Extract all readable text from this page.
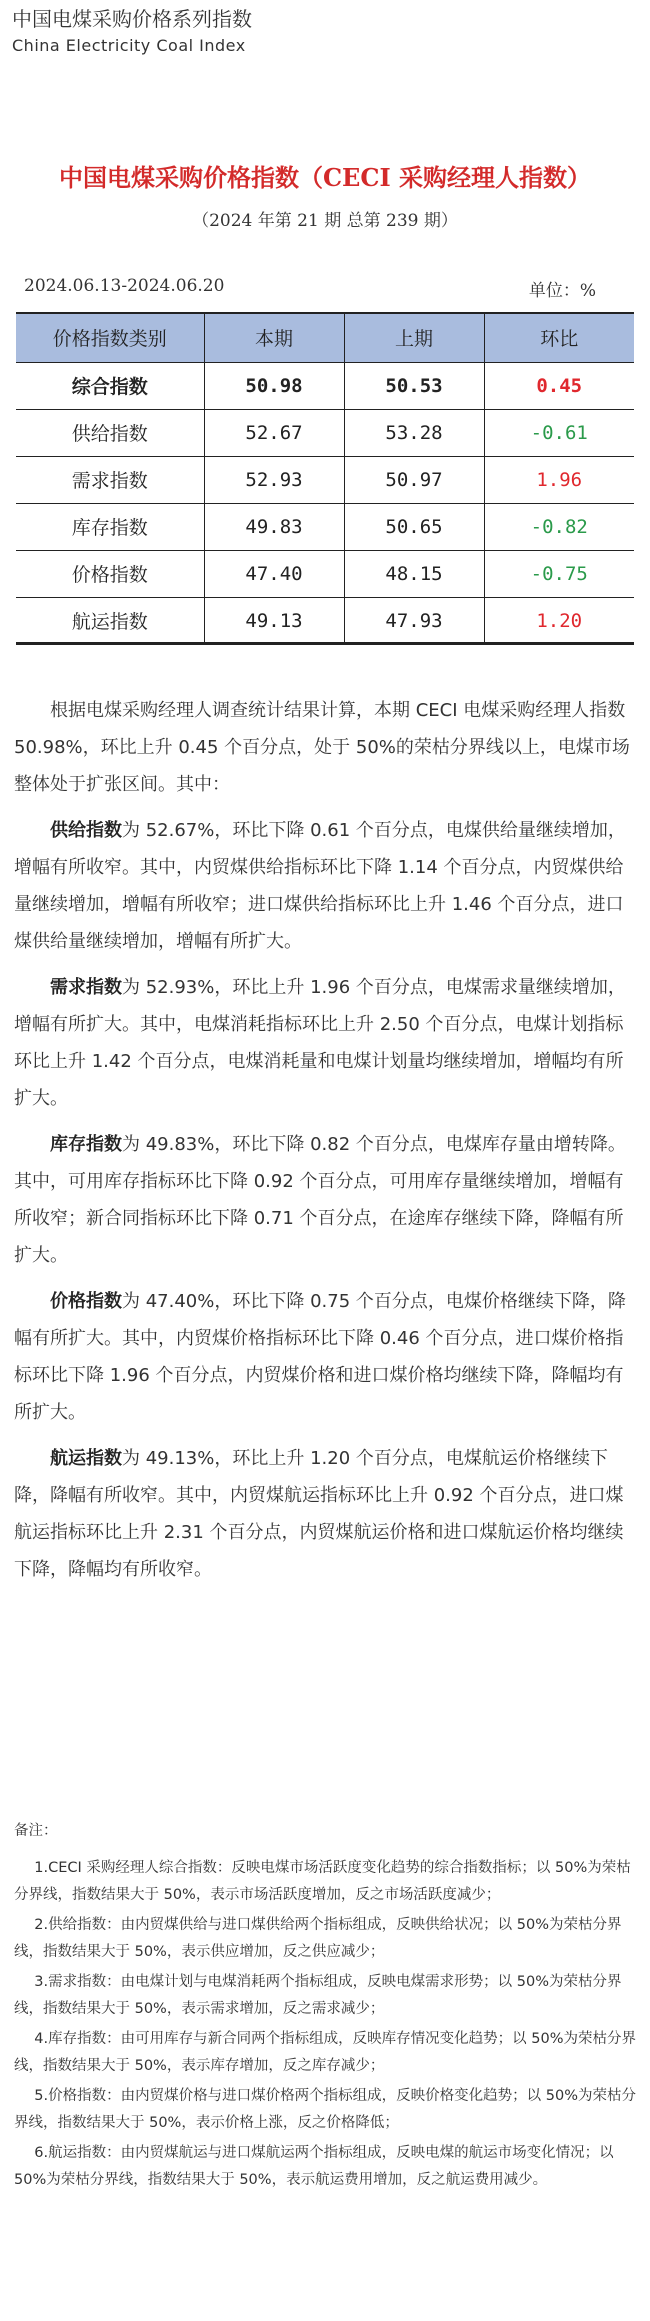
中国电煤采购价格系列指数
China Electricity Coal Index
中国电煤采购价格指数（CECI 采购经理人指数）
（2024 年第 21 期 总第 239 期）
2024.06.13-2024.06.20	单位：%
价格指数类别	本期	上期	环比
综合指数	50.98	50.53	0.45
供给指数	52.67	53.28	-0.61
需求指数	52.93	50.97	1.96
库存指数	49.83	50.65	-0.82
价格指数	47.40	48.15	-0.75
航运指数	49.13	47.93	1.20

根据电煤采购经理人调查统计结果计算，本期 CECI 电煤采购经理人指数 50.98%，环比上升 0.45 个百分点，处于 50%的荣枯分界线以上，电煤市场整体处于扩张区间。其中：

供给指数为 52.67%，环比下降 0.61 个百分点，电煤供给量继续增加，增幅有所收窄。其中，内贸煤供给指标环比下降 1.14 个百分点，内贸煤供给量继续增加，增幅有所收窄；进口煤供给指标环比上升 1.46 个百分点，进口煤供给量继续增加，增幅有所扩大。

需求指数为 52.93%，环比上升 1.96 个百分点，电煤需求量继续增加，增幅有所扩大。其中，电煤消耗指标环比上升 2.50 个百分点，电煤计划指标环比上升 1.42 个百分点，电煤消耗量和电煤计划量均继续增加，增幅均有所扩大。

库存指数为 49.83%，环比下降 0.82 个百分点，电煤库存量由增转降。其中，可用库存指标环比下降 0.92 个百分点，可用库存量继续增加，增幅有所收窄；新合同指标环比下降 0.71 个百分点，在途库存继续下降，降幅有所扩大。

价格指数为 47.40%，环比下降 0.75 个百分点，电煤价格继续下降，降幅有所扩大。其中，内贸煤价格指标环比下降 0.46 个百分点，进口煤价格指标环比下降 1.96 个百分点，内贸煤价格和进口煤价格均继续下降，降幅均有所扩大。

航运指数为 49.13%，环比上升 1.20 个百分点，电煤航运价格继续下降，降幅有所收窄。其中，内贸煤航运指标环比上升 0.92 个百分点，进口煤航运指标环比上升 2.31 个百分点，内贸煤航运价格和进口煤航运价格均继续下降，降幅均有所收窄。

备注：

1.CECI 采购经理人综合指数：反映电煤市场活跃度变化趋势的综合指数指标；以 50%为荣枯分界线，指数结果大于 50%，表示市场活跃度增加，反之市场活跃度减少；

2.供给指数：由内贸煤供给与进口煤供给两个指标组成，反映供给状况；以 50%为荣枯分界线，指数结果大于 50%，表示供应增加，反之供应减少；

3.需求指数：由电煤计划与电煤消耗两个指标组成，反映电煤需求形势；以 50%为荣枯分界线，指数结果大于 50%，表示需求增加，反之需求减少；

4.库存指数：由可用库存与新合同两个指标组成，反映库存情况变化趋势；以 50%为荣枯分界线，指数结果大于 50%，表示库存增加，反之库存减少；

5.价格指数：由内贸煤价格与进口煤价格两个指标组成，反映价格变化趋势；以 50%为荣枯分界线，指数结果大于 50%，表示价格上涨，反之价格降低；

6.航运指数：由内贸煤航运与进口煤航运两个指标组成，反映电煤的航运市场变化情况；以 50%为荣枯分界线，指数结果大于 50%，表示航运费用增加，反之航运费用减少。
